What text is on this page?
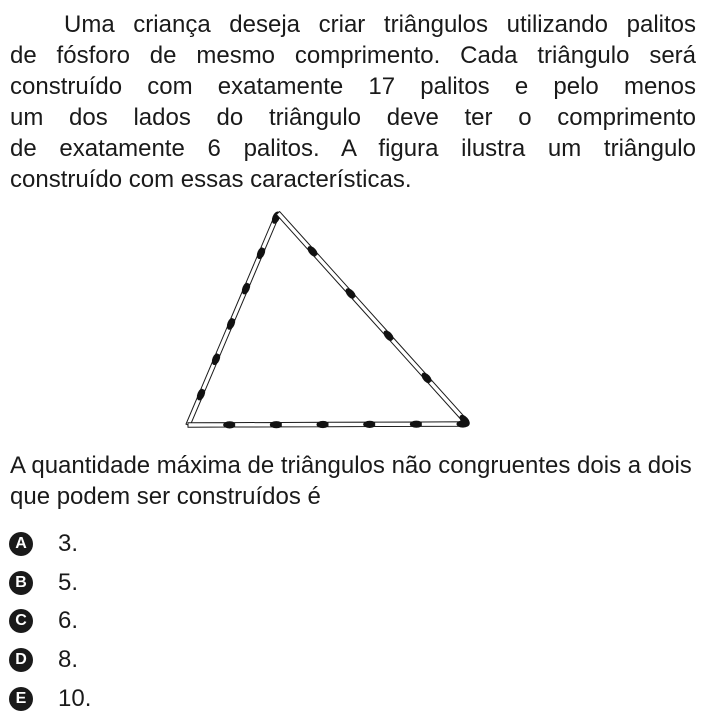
Uma criança deseja criar triângulos utilizando palitos
de fósforo de mesmo comprimento. Cada triângulo será
construído com exatamente 17 palitos e pelo menos
um dos lados do triângulo deve ter o comprimento
de exatamente 6 palitos. A figura ilustra um triângulo
construído com essas características.

A quantidade máxima de triângulos não congruentes dois a dois que podem ser construídos é

A 3.
B 5.
C 6.
D 8.
E 10.
